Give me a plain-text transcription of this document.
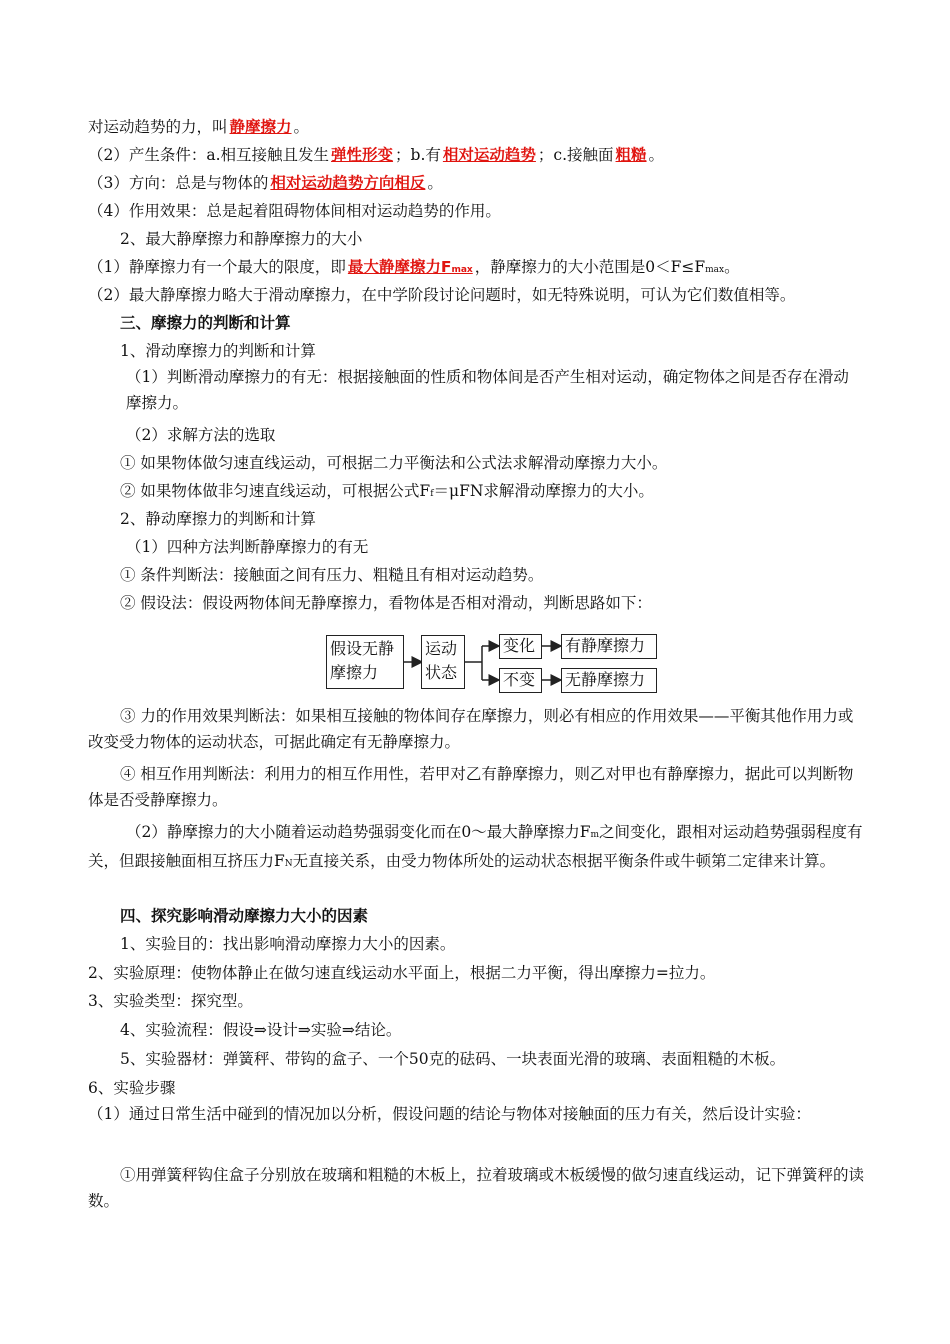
对运动趋势的力，叫 静摩擦力 。
（2）产生条件：a.相互接触且发生 弹性形变 ；b.有 相对运动趋势 ；c.接触面 粗糙 。
（3）方向：总是与物体的 相对运动趋势方向相反 。
（4）作用效果：总是起着阻碍物体间相对运动趋势的作用。
2、最大静摩擦力和静摩擦力的大小
（1）静摩擦力有一个最大的限度，即 最大静摩擦力Fmax ，静摩擦力的大小范围是0＜F≤Fmax。
（2）最大静摩擦力略大于滑动摩擦力，在中学阶段讨论问题时，如无特殊说明，可认为它们数值相等。
三、摩擦力的判断和计算
1、滑动摩擦力的判断和计算
（1）判断滑动摩擦力的有无：根据接触面的性质和物体间是否产生相对运动，确定物体之间是否存在滑动摩擦力。
（2）求解方法的选取
① 如果物体做匀速直线运动，可根据二力平衡法和公式法求解滑动摩擦力大小。
② 如果物体做非匀速直线运动，可根据公式Ff＝μFN求解滑动摩擦力的大小。
2、静动摩擦力的判断和计算
（1）四种方法判断静摩擦力的有无
① 条件判断法：接触面之间有压力、粗糙且有相对运动趋势。
② 假设法：假设两物体间无静摩擦力，看物体是否相对滑动，判断思路如下：
假设无静摩擦力
运动状态
变化
不变
有静摩擦力
无静摩擦力
③ 力的作用效果判断法：如果相互接触的物体间存在摩擦力，则必有相应的作用效果——平衡其他作用力或改变受力物体的运动状态，可据此确定有无静摩擦力。
④ 相互作用判断法：利用力的相互作用性，若甲对乙有静摩擦力，则乙对甲也有静摩擦力，据此可以判断物体是否受静摩擦力。
（2）静摩擦力的大小随着运动趋势强弱变化而在0～最大静摩擦力Fm之间变化，跟相对运动趋势强弱程度有关，但跟接触面相互挤压力FN无直接关系，由受力物体所处的运动状态根据平衡条件或牛顿第二定律来计算。
四、探究影响滑动摩擦力大小的因素
1、实验目的：找出影响滑动摩擦力大小的因素。
2、实验原理：使物体静止在做匀速直线运动水平面上，根据二力平衡，得出摩擦力=拉力。
3、实验类型：探究型。
4、实验流程：假设⇒设计⇒实验⇒结论。
5、实验器材：弹簧秤、带钩的盒子、一个50克的砝码、一块表面光滑的玻璃、表面粗糙的木板。
6、实验步骤
（1）通过日常生活中碰到的情况加以分析，假设问题的结论与物体对接触面的压力有关，然后设计实验：
①用弹簧秤钩住盒子分别放在玻璃和粗糙的木板上，拉着玻璃或木板缓慢的做匀速直线运动，记下弹簧秤的读数。
